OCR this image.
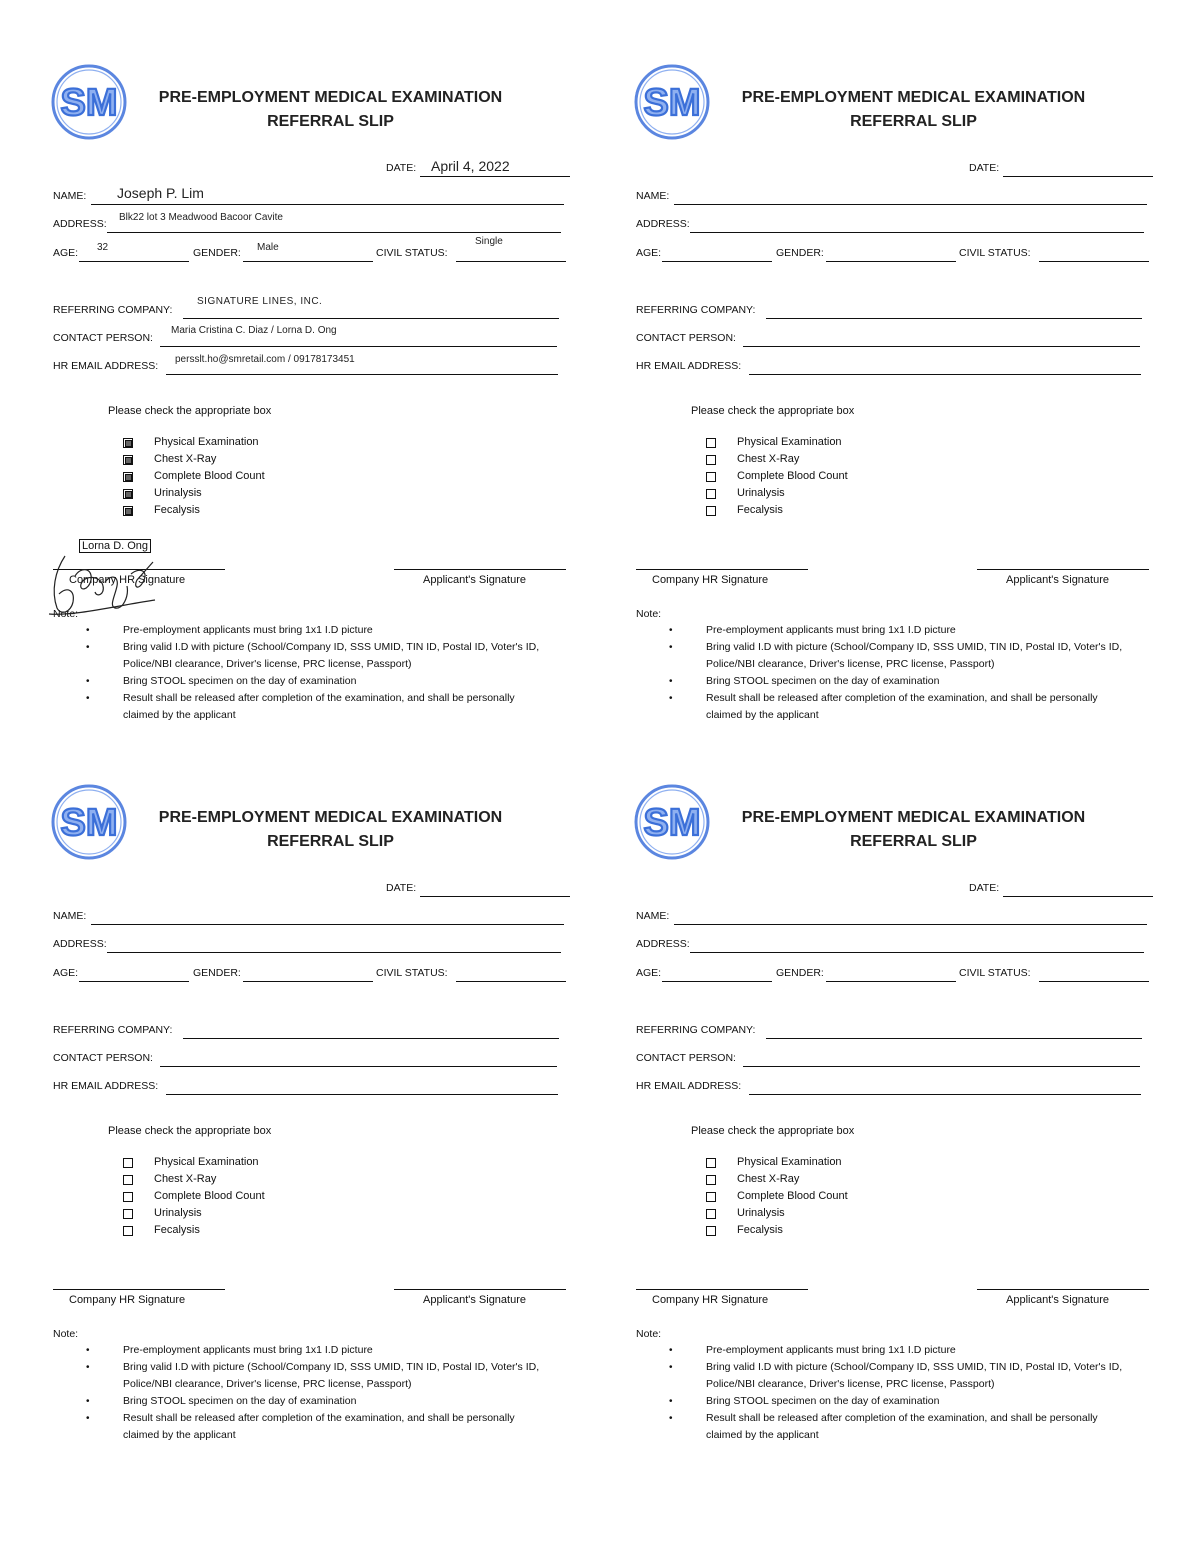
SM	PRE-EMPLOYMENT MEDICAL EXAMINATION
REFERRAL SLIP
DATE: April 4, 2022
NAME: Joseph P. Lim
ADDRESS:
Blk22 lot 3 Meadwood Bacoor Cavite
AGE: 32	GENDER: Male	CIVIL STATUS:
Single
REFERRING COMPANY:
SIGNATURE LINES, INC.
CONTACT PERSON:
Maria Cristina C. Diaz / Lorna D. Ong
HR EMAIL ADDRESS:
persslt.ho@smretail.com / 09178173451
Please check the appropriate box
Physical Examination
Chest X-Ray
Complete Blood Count
Urinalysis
Fecalysis
Company HR Signature	Applicant's Signature
Note:
• Pre-employment applicants must bring 1x1 I.D picture
• Bring valid I.D with picture (School/Company ID, SSS UMID, TIN ID, Postal ID, Voter's ID, Police/NBI clearance, Driver's license, PRC license, Passport)
• Bring STOOL specimen on the day of examination
• Result shall be released after completion of the examination, and shall be personally claimed by the applicant
Lorna D. Ong
SM	PRE-EMPLOYMENT MEDICAL EXAMINATION
REFERRAL SLIP
DATE:
NAME:
ADDRESS:
AGE:	GENDER:	CIVIL STATUS:
REFERRING COMPANY:
CONTACT PERSON:
HR EMAIL ADDRESS:
Please check the appropriate box
Physical Examination
Chest X-Ray
Complete Blood Count
Urinalysis
Fecalysis
Company HR Signature	Applicant's Signature
Note:
• Pre-employment applicants must bring 1x1 I.D picture
• Bring valid I.D with picture (School/Company ID, SSS UMID, TIN ID, Postal ID, Voter's ID, Police/NBI clearance, Driver's license, PRC license, Passport)
• Bring STOOL specimen on the day of examination
• Result shall be released after completion of the examination, and shall be personally claimed by the applicant
SM	PRE-EMPLOYMENT MEDICAL EXAMINATION
REFERRAL SLIP
DATE:
NAME:
ADDRESS:
AGE:	GENDER:	CIVIL STATUS:
REFERRING COMPANY:
CONTACT PERSON:
HR EMAIL ADDRESS:
Please check the appropriate box
Physical Examination
Chest X-Ray
Complete Blood Count
Urinalysis
Fecalysis
Company HR Signature	Applicant's Signature
Note:
• Pre-employment applicants must bring 1x1 I.D picture
• Bring valid I.D with picture (School/Company ID, SSS UMID, TIN ID, Postal ID, Voter's ID, Police/NBI clearance, Driver's license, PRC license, Passport)
• Bring STOOL specimen on the day of examination
• Result shall be released after completion of the examination, and shall be personally claimed by the applicant
SM	PRE-EMPLOYMENT MEDICAL EXAMINATION
REFERRAL SLIP
DATE:
NAME:
ADDRESS:
AGE:	GENDER:	CIVIL STATUS:
REFERRING COMPANY:
CONTACT PERSON:
HR EMAIL ADDRESS:
Please check the appropriate box
Physical Examination
Chest X-Ray
Complete Blood Count
Urinalysis
Fecalysis
Company HR Signature	Applicant's Signature
Note:
• Pre-employment applicants must bring 1x1 I.D picture
• Bring valid I.D with picture (School/Company ID, SSS UMID, TIN ID, Postal ID, Voter's ID, Police/NBI clearance, Driver's license, PRC license, Passport)
• Bring STOOL specimen on the day of examination
• Result shall be released after completion of the examination, and shall be personally claimed by the applicant
